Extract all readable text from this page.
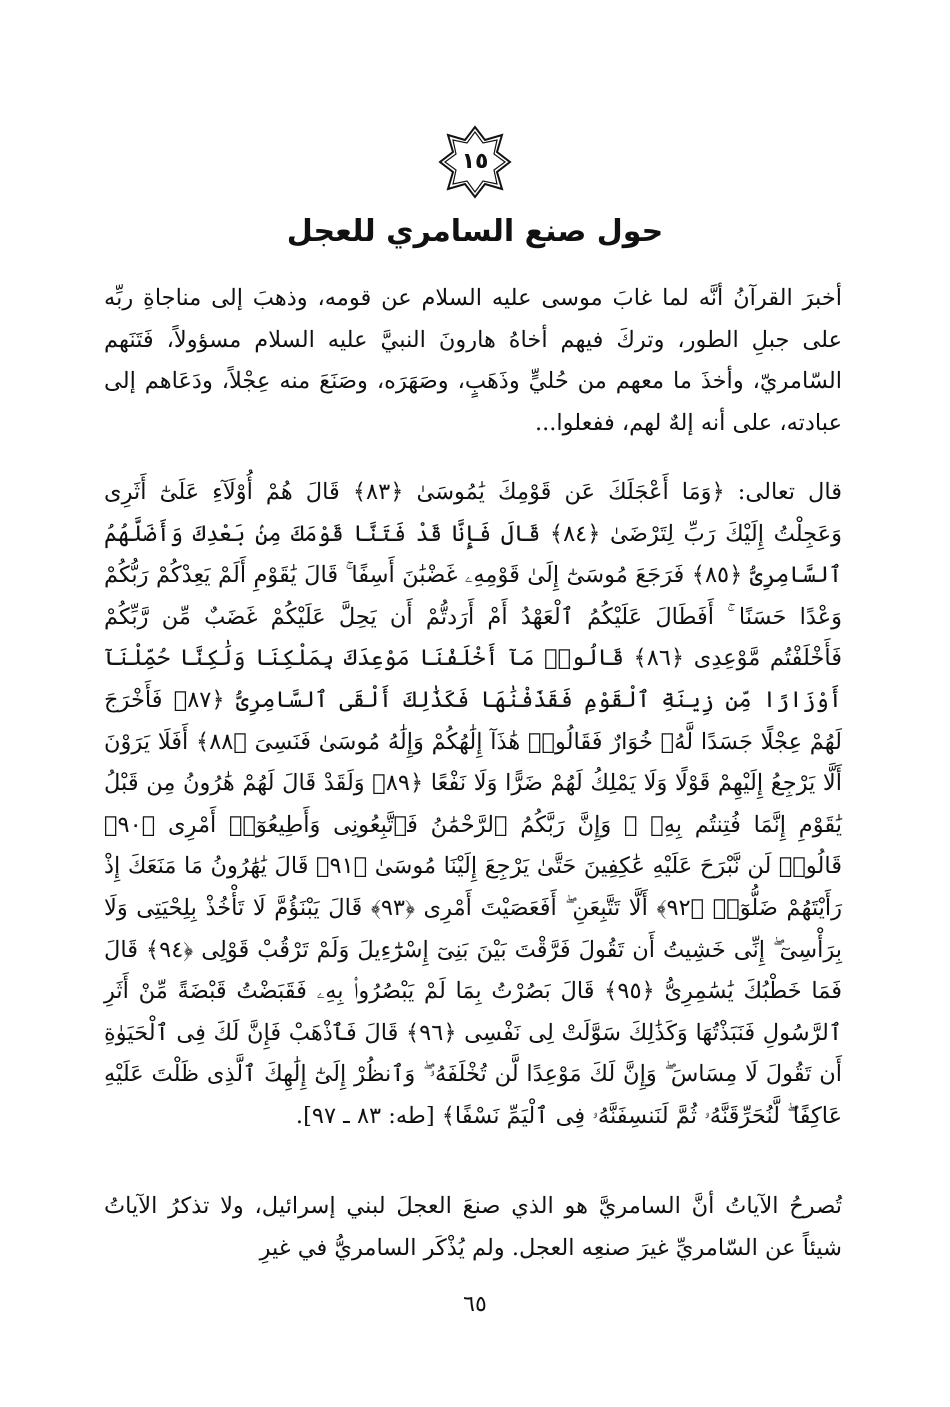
١٥
حول صنع السامري للعجل

أخبرَ القرآنُ أنَّه لما غابَ موسى عليه السلام عن قومه، وذهبَ إلى مناجاةِ ربِّه على جبلِ الطور، وتركَ فيهم أخاهُ هارونَ النبيَّ عليه السلام مسؤولاً، فَتَنَهم السّامريّ، وأخذَ ما معهم من حُليٍّ وذَهَبٍ، وصَهَرَه، وصَنَعَ منه عِجْلاً، ودَعَاهم إلى عبادته، على أنه إلهٌ لهم، ففعلوا...

قال تعالى: ﴿وَمَا أَعْجَلَكَ عَن قَوْمِكَ يَٰمُوسَىٰ ﴿٨٣﴾ قَالَ هُمْ أُوْلَآءِ عَلَىٰٓ أَثَرِى وَعَجِلْتُ إِلَيْكَ رَبِّ لِتَرْضَىٰ ﴿٨٤﴾ قَالَ فَإِنَّا قَدْ فَتَنَّا قَوْمَكَ مِنۢ بَعْدِكَ وَأَضَلَّهُمُ ٱلسَّامِرِىُّ ﴿٨٥﴾ فَرَجَعَ مُوسَىٰٓ إِلَىٰ قَوْمِهِۦ غَضْبَٰنَ أَسِفًا ۚ قَالَ يَٰقَوْمِ أَلَمْ يَعِدْكُمْ رَبُّكُمْ وَعْدًا حَسَنًا ۚ أَفَطَالَ عَلَيْكُمُ ٱلْعَهْدُ أَمْ أَرَدتُّمْ أَن يَحِلَّ عَلَيْكُمْ غَضَبٌ مِّن رَّبِّكُمْ فَأَخْلَفْتُم مَّوْعِدِى ﴿٨٦﴾ قَالُوا۟ مَآ أَخْلَفْنَا مَوْعِدَكَ بِمَلْكِنَا وَلَٰكِنَّا حُمِّلْنَآ أَوْزَارًا مِّن زِينَةِ ٱلْقَوْمِ فَقَذَفْنَٰهَا فَكَذَٰلِكَ أَلْقَى ٱلسَّامِرِىُّ ﴿٨٧﴾ فَأَخْرَجَ لَهُمْ عِجْلًا جَسَدًا لَّهُۥ خُوَارٌ فَقَالُوا۟ هَٰذَآ إِلَٰهُكُمْ وَإِلَٰهُ مُوسَىٰ فَنَسِىَ ﴿٨٨﴾ أَفَلَا يَرَوْنَ أَلَّا يَرْجِعُ إِلَيْهِمْ قَوْلًا وَلَا يَمْلِكُ لَهُمْ ضَرًّا وَلَا نَفْعًا ﴿٨٩﴾ وَلَقَدْ قَالَ لَهُمْ هَٰرُونُ مِن قَبْلُ يَٰقَوْمِ إِنَّمَا فُتِنتُم بِهِۦ ۖ وَإِنَّ رَبَّكُمُ ٱلرَّحْمَٰنُ فَٱتَّبِعُونِى وَأَطِيعُوٓا۟ أَمْرِى ﴿٩٠﴾ قَالُوا۟ لَن نَّبْرَحَ عَلَيْهِ عَٰكِفِينَ حَتَّىٰ يَرْجِعَ إِلَيْنَا مُوسَىٰ ﴿٩١﴾ قَالَ يَٰهَٰرُونُ مَا مَنَعَكَ إِذْ رَأَيْتَهُمْ ضَلُّوٓا۟ ﴿٩٢﴾ أَلَّا تَتَّبِعَنِ ۖ أَفَعَصَيْتَ أَمْرِى ﴿٩٣﴾ قَالَ يَبْنَؤُمَّ لَا تَأْخُذْ بِلِحْيَتِى وَلَا بِرَأْسِىٓ ۖ إِنِّى خَشِيتُ أَن تَقُولَ فَرَّقْتَ بَيْنَ بَنِىٓ إِسْرَٰٓءِيلَ وَلَمْ تَرْقُبْ قَوْلِى ﴿٩٤﴾ قَالَ فَمَا خَطْبُكَ يَٰسَٰمِرِىُّ ﴿٩٥﴾ قَالَ بَصُرْتُ بِمَا لَمْ يَبْصُرُوا۟ بِهِۦ فَقَبَضْتُ قَبْضَةً مِّنْ أَثَرِ ٱلرَّسُولِ فَنَبَذْتُهَا وَكَذَٰلِكَ سَوَّلَتْ لِى نَفْسِى ﴿٩٦﴾ قَالَ فَٱذْهَبْ فَإِنَّ لَكَ فِى ٱلْحَيَوٰةِ أَن تَقُولَ لَا مِسَاسَ ۖ وَإِنَّ لَكَ مَوْعِدًا لَّن تُخْلَفَهُۥ ۖ وَٱنظُرْ إِلَىٰٓ إِلَٰهِكَ ٱلَّذِى ظَلْتَ عَلَيْهِ عَاكِفًا ۖ لَّنُحَرِّقَنَّهُۥ ثُمَّ لَنَنسِفَنَّهُۥ فِى ٱلْيَمِّ نَسْفًا﴾ [طه: ٨٣ ـ ٩٧].

تُصرحُ الآياتُ أنَّ السامريَّ هو الذي صنعَ العجلَ لبني إسرائيل، ولا تذكرُ الآياتُ شيئاً عن السّامريِّ غيرَ صنعِه العجل. ولم يُذْكَر السامريُّ في غيرِ

٦٥
